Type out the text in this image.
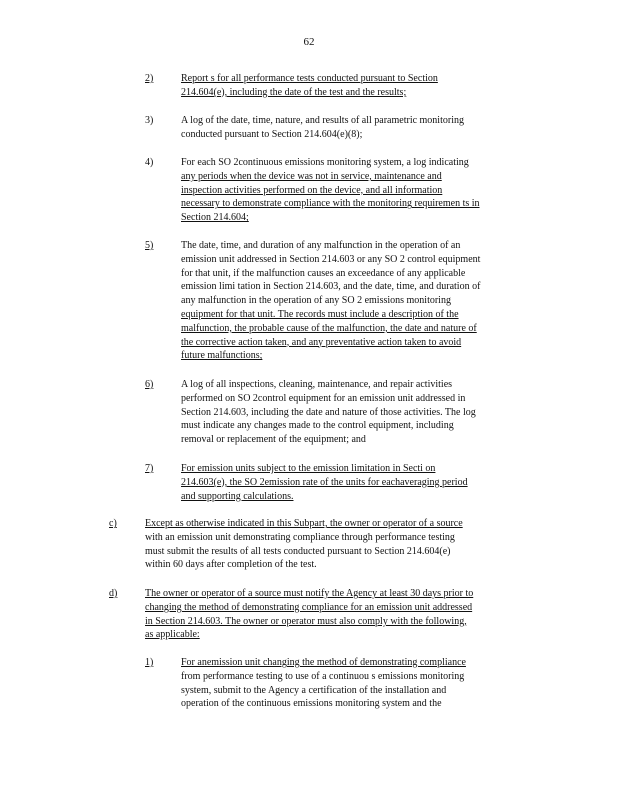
62
2)	Report s for all performance tests conducted pursuant to Section
214.604(e), including the date of the test and the results;
3)	A log of the date, time, nature, and results of all parametric monitoring
conducted pursuant to Section 214.604(e)(8);
4)	For each SO 2continuous emissions monitoring system, a log indicating
any periods when the device was not in service, maintenance and
inspection activities performed on the device, and all information
necessary to demonstrate compliance with the monitoring requiremen ts in
Section 214.604;
5)	The date, time, and duration of any malfunction in the operation of an
emission unit addressed in Section 214.603 or any SO 2 control equipment
for that unit, if the malfunction causes an exceedance of any applicable
emission limi tation in Section 214.603, and the date, time, and duration of
any malfunction in the operation of any SO 2 emissions monitoring
equipment for that unit. The records must include a description of the
malfunction, the probable cause of the malfunction, the date and nature of
the corrective action taken, and any preventative action taken to avoid
future malfunctions;
6)	A log of all inspections, cleaning, maintenance, and repair activities
performed on SO 2control equipment for an emission unit addressed in
Section 214.603, including the date and nature of those activities. The log
must indicate any changes made to the control equipment, including
removal or replacement of the equipment; and
7)	For emission units subject to the emission limitation in Secti on
214.603(e), the SO 2emission rate of the units for eachaveraging period
and supporting calculations.
c)	Except as otherwise indicated in this Subpart, the owner or operator of a source
with an emission unit demonstrating compliance through performance testing
must submit the results of all tests conducted pursuant to Section 214.604(e)
within 60 days after completion of the test.
d)	The owner or operator of a source must notify the Agency at least 30 days prior to
changing the method of demonstrating compliance for an emission unit addressed
in Section 214.603. The owner or operator must also comply with the following,
as applicable:
1)	For anemission unit changing the method of demonstrating compliance
from performance testing to use of a continuou s emissions monitoring
system, submit to the Agency a certification of the installation and
operation of the continuous emissions monitoring system and the
